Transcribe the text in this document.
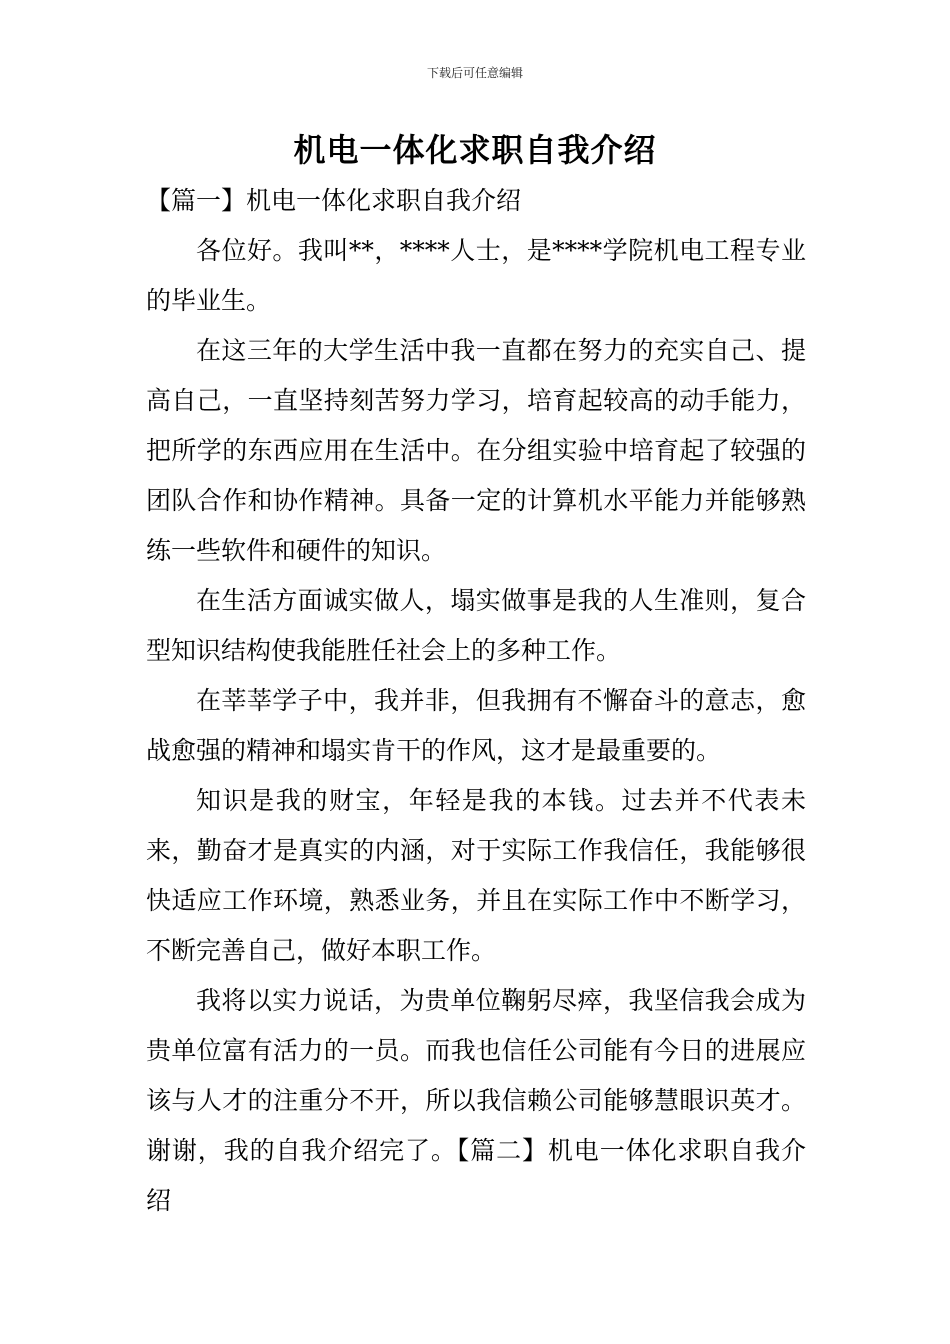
下载后可任意编辑
机电一体化求职自我介绍

【篇一】机电一体化求职自我介绍

各位好。我叫**，****人士，是****学院机电工程专业的毕业生。

在这三年的大学生活中我一直都在努力的充实自己、提高自己，一直坚持刻苦努力学习，培育起较高的动手能力，把所学的东西应用在生活中。在分组实验中培育起了较强的团队合作和协作精神。具备一定的计算机水平能力并能够熟练一些软件和硬件的知识。

在生活方面诚实做人，塌实做事是我的人生准则，复合型知识结构使我能胜任社会上的多种工作。

在莘莘学子中，我并非，但我拥有不懈奋斗的意志，愈战愈强的精神和塌实肯干的作风，这才是最重要的。

知识是我的财宝，年轻是我的本钱。过去并不代表未来，勤奋才是真实的内涵，对于实际工作我信任，我能够很快适应工作环境，熟悉业务，并且在实际工作中不断学习，不断完善自己，做好本职工作。

我将以实力说话，为贵单位鞠躬尽瘁，我坚信我会成为贵单位富有活力的一员。而我也信任公司能有今日的进展应该与人才的注重分不开，所以我信赖公司能够慧眼识英才。谢谢，我的自我介绍完了。【篇二】机电一体化求职自我介绍
